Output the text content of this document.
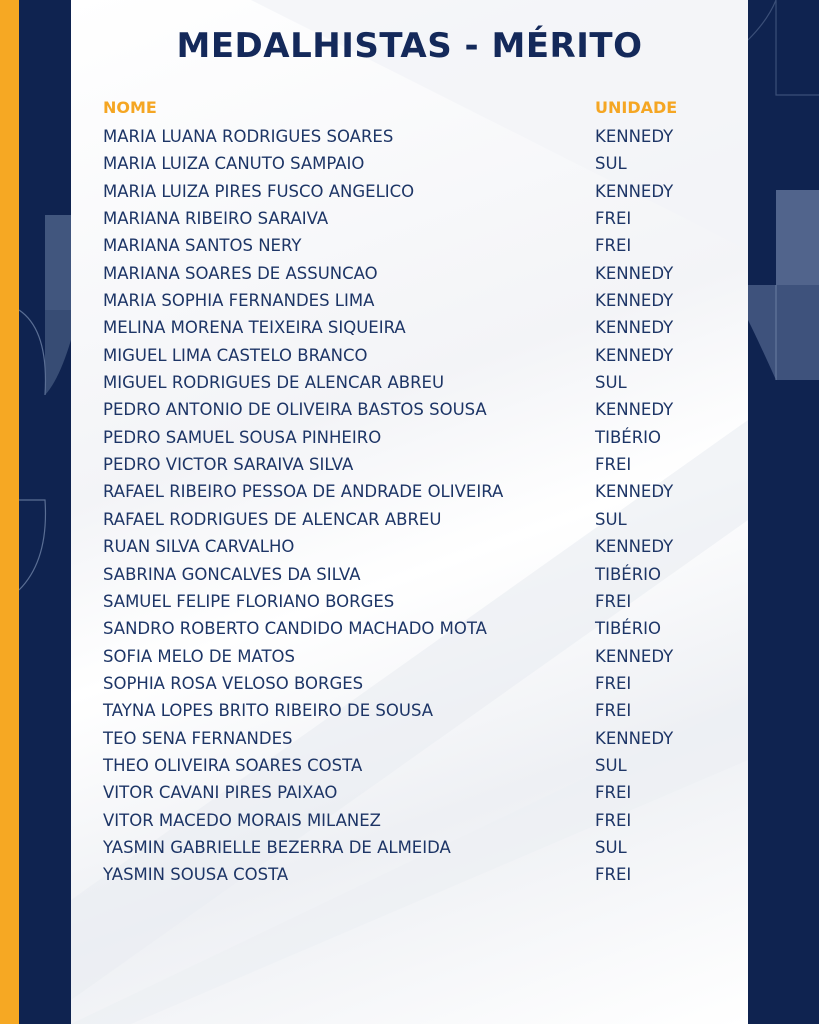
MEDALHISTAS - MÉRITO
NOME	UNIDADE
MARIA LUANA RODRIGUES SOARES	KENNEDY
MARIA LUIZA CANUTO SAMPAIO	SUL
MARIA LUIZA PIRES FUSCO ANGELICO	KENNEDY
MARIANA RIBEIRO SARAIVA	FREI
MARIANA SANTOS NERY	FREI
MARIANA SOARES DE ASSUNCAO	KENNEDY
MARIA SOPHIA FERNANDES LIMA	KENNEDY
MELINA MORENA TEIXEIRA SIQUEIRA	KENNEDY
MIGUEL LIMA CASTELO BRANCO	KENNEDY
MIGUEL RODRIGUES DE ALENCAR ABREU	SUL
PEDRO ANTONIO DE OLIVEIRA BASTOS SOUSA	KENNEDY
PEDRO SAMUEL SOUSA PINHEIRO	TIBÉRIO
PEDRO VICTOR SARAIVA SILVA	FREI
RAFAEL RIBEIRO PESSOA DE ANDRADE OLIVEIRA	KENNEDY
RAFAEL RODRIGUES DE ALENCAR ABREU	SUL
RUAN SILVA CARVALHO	KENNEDY
SABRINA GONCALVES DA SILVA	TIBÉRIO
SAMUEL FELIPE FLORIANO BORGES	FREI
SANDRO ROBERTO CANDIDO MACHADO MOTA	TIBÉRIO
SOFIA MELO DE MATOS	KENNEDY
SOPHIA ROSA VELOSO BORGES	FREI
TAYNA LOPES BRITO RIBEIRO DE SOUSA	FREI
TEO SENA FERNANDES	KENNEDY
THEO OLIVEIRA SOARES COSTA	SUL
VITOR CAVANI PIRES PAIXAO	FREI
VITOR MACEDO MORAIS MILANEZ	FREI
YASMIN GABRIELLE BEZERRA DE ALMEIDA	SUL
YASMIN SOUSA COSTA	FREI
